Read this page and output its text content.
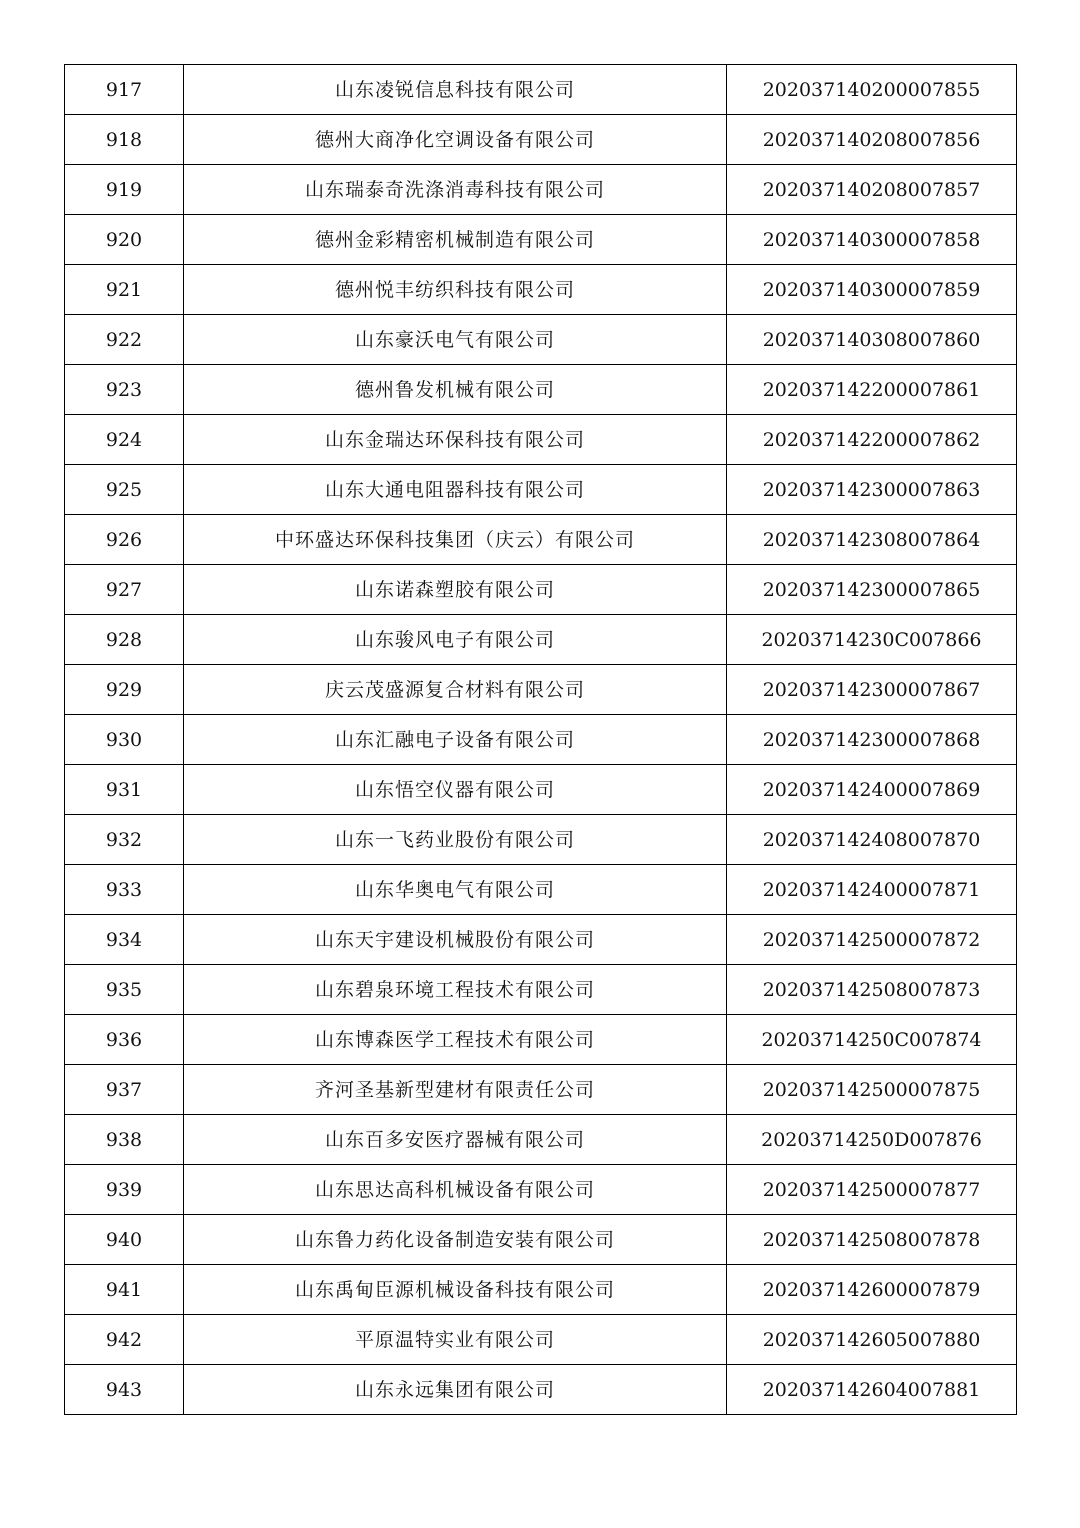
917	山东凌锐信息科技有限公司	202037140200007855
918	德州大商净化空调设备有限公司	202037140208007856
919	山东瑞泰奇洗涤消毒科技有限公司	202037140208007857
920	德州金彩精密机械制造有限公司	202037140300007858
921	德州悦丰纺织科技有限公司	202037140300007859
922	山东豪沃电气有限公司	202037140308007860
923	德州鲁发机械有限公司	202037142200007861
924	山东金瑞达环保科技有限公司	202037142200007862
925	山东大通电阻器科技有限公司	202037142300007863
926	中环盛达环保科技集团（庆云）有限公司	202037142308007864
927	山东诺森塑胶有限公司	202037142300007865
928	山东骏风电子有限公司	20203714230C007866
929	庆云茂盛源复合材料有限公司	202037142300007867
930	山东汇融电子设备有限公司	202037142300007868
931	山东悟空仪器有限公司	202037142400007869
932	山东一飞药业股份有限公司	202037142408007870
933	山东华奥电气有限公司	202037142400007871
934	山东天宇建设机械股份有限公司	202037142500007872
935	山东碧泉环境工程技术有限公司	202037142508007873
936	山东博森医学工程技术有限公司	20203714250C007874
937	齐河圣基新型建材有限责任公司	202037142500007875
938	山东百多安医疗器械有限公司	20203714250D007876
939	山东思达高科机械设备有限公司	202037142500007877
940	山东鲁力药化设备制造安装有限公司	202037142508007878
941	山东禹甸臣源机械设备科技有限公司	202037142600007879
942	平原温特实业有限公司	202037142605007880
943	山东永远集团有限公司	202037142604007881
